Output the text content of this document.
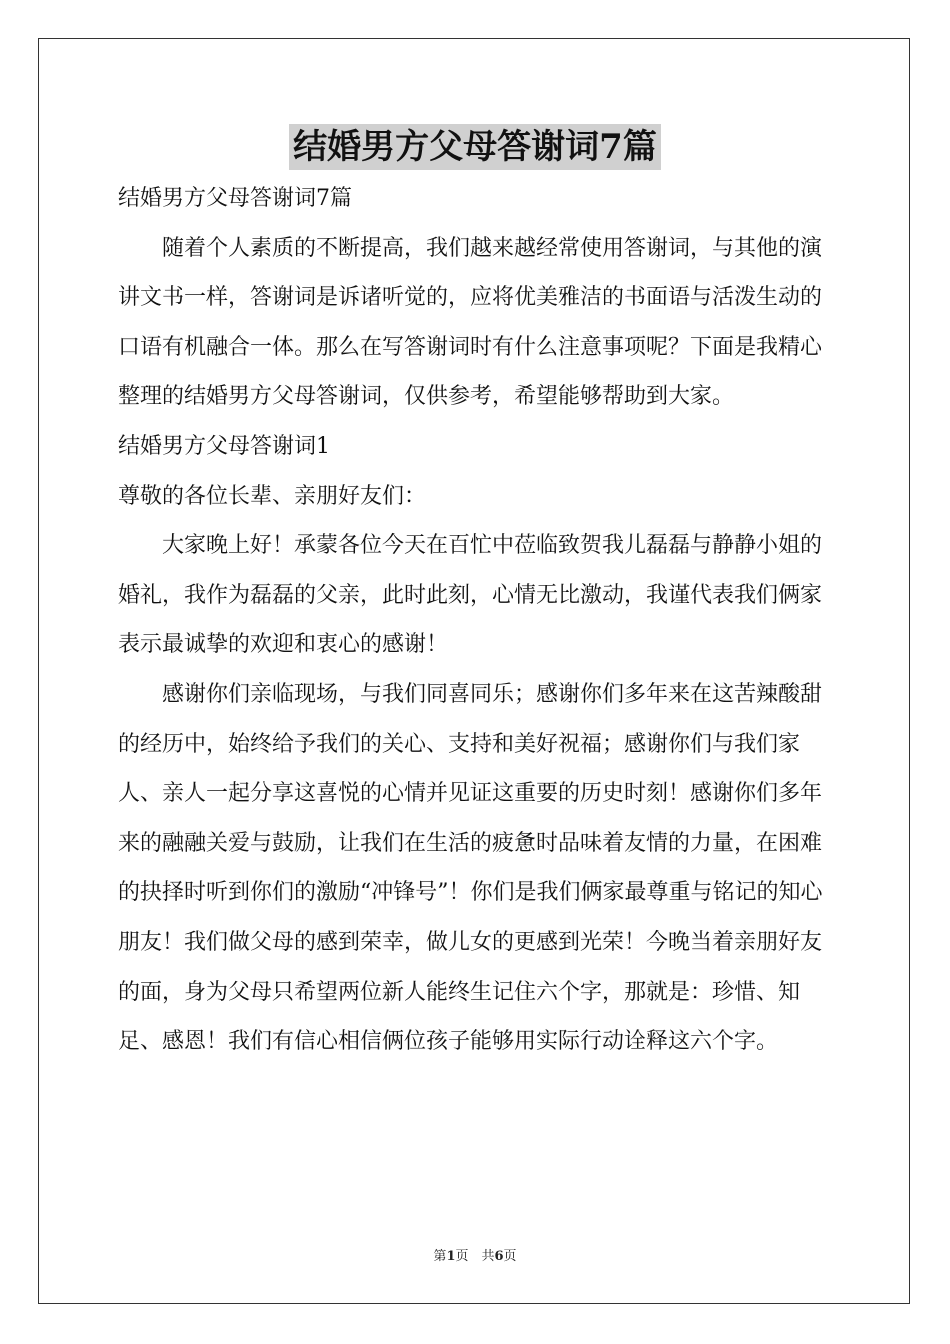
结婚男方父母答谢词7篇

结婚男方父母答谢词7篇

随着个人素质的不断提高，我们越来越经常使用答谢词，与其他的演讲文书一样，答谢词是诉诸听觉的，应将优美雅洁的书面语与活泼生动的口语有机融合一体。那么在写答谢词时有什么注意事项呢？下面是我精心整理的结婚男方父母答谢词，仅供参考，希望能够帮助到大家。

结婚男方父母答谢词1

尊敬的各位长辈、亲朋好友们：

大家晚上好！承蒙各位今天在百忙中莅临致贺我儿磊磊与静静小姐的婚礼，我作为磊磊的父亲，此时此刻，心情无比激动，我谨代表我们俩家表示最诚挚的欢迎和衷心的感谢！

感谢你们亲临现场，与我们同喜同乐；感谢你们多年来在这苦辣酸甜的经历中，始终给予我们的关心、支持和美好祝福；感谢你们与我们家人、亲人一起分享这喜悦的心情并见证这重要的历史时刻！感谢你们多年来的融融关爱与鼓励，让我们在生活的疲惫时品味着友情的力量，在困难的抉择时听到你们的激励“冲锋号”！你们是我们俩家最尊重与铭记的知心朋友！我们做父母的感到荣幸，做儿女的更感到光荣！今晚当着亲朋好友的面，身为父母只希望两位新人能终生记住六个字，那就是：珍惜、知足、感恩！我们有信心相信俩位孩子能够用实际行动诠释这六个字。

第1页　共6页
